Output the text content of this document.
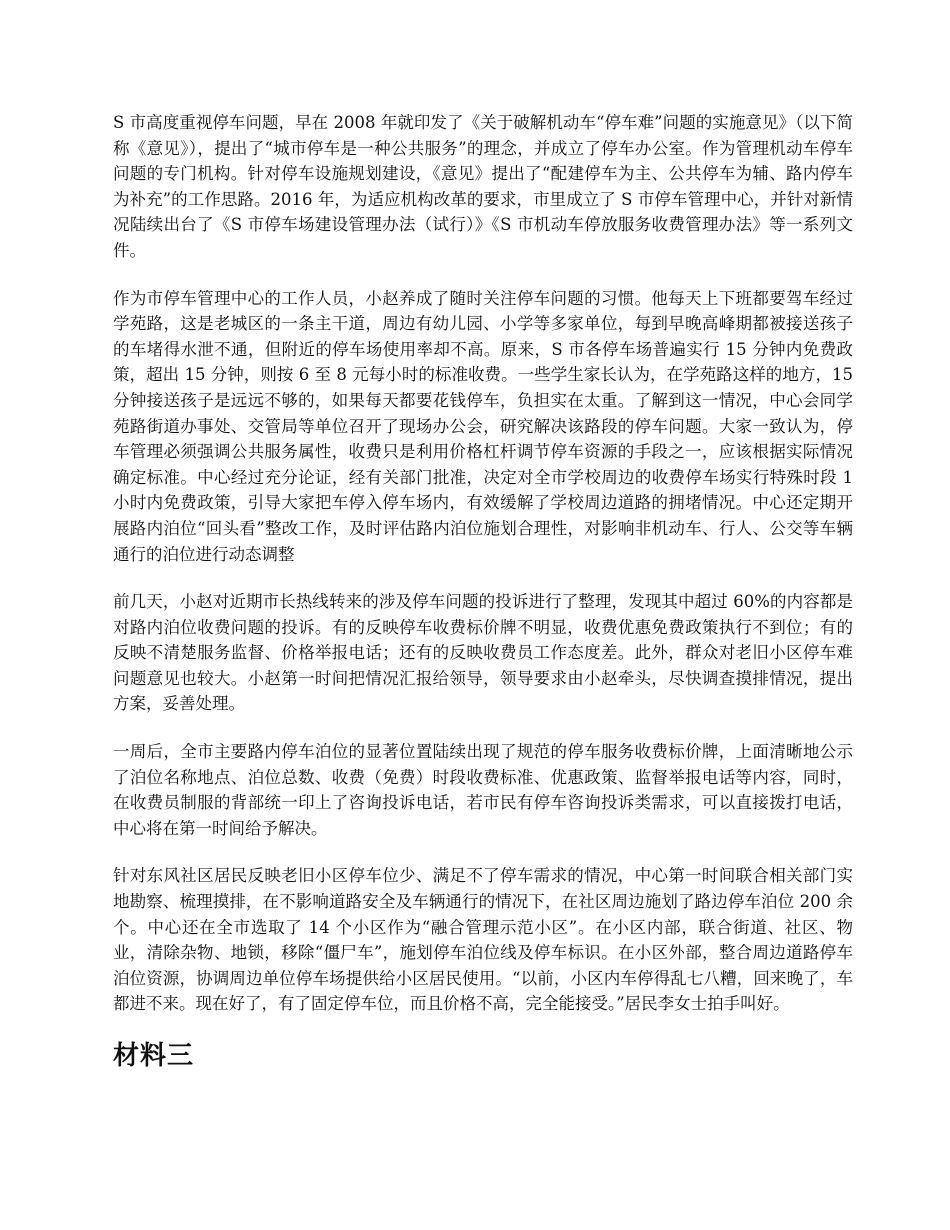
S 市高度重视停车问题，早在 2008 年就印发了《关于破解机动车“停车难”问题的实施意见》（以下简称《意见》），提出了“城市停车是一种公共服务”的理念，并成立了停车办公室。作为管理机动车停车问题的专门机构。针对停车设施规划建设，《意见》提出了“配建停车为主、公共停车为辅、路内停车为补充”的工作思路。2016 年，为适应机构改革的要求，市里成立了 S 市停车管理中心，并针对新情况陆续出台了《S 市停车场建设管理办法（试行）》《S 市机动车停放服务收费管理办法》等一系列文件。

作为市停车管理中心的工作人员，小赵养成了随时关注停车问题的习惯。他每天上下班都要驾车经过学苑路，这是老城区的一条主干道，周边有幼儿园、小学等多家单位，每到早晚高峰期都被接送孩子的车堵得水泄不通，但附近的停车场使用率却不高。原来，S 市各停车场普遍实行 15 分钟内免费政策，超出 15 分钟，则按 6 至 8 元每小时的标准收费。一些学生家长认为，在学苑路这样的地方，15 分钟接送孩子是远远不够的，如果每天都要花钱停车，负担实在太重。了解到这一情况，中心会同学苑路街道办事处、交管局等单位召开了现场办公会，研究解决该路段的停车问题。大家一致认为，停车管理必须强调公共服务属性，收费只是利用价格杠杆调节停车资源的手段之一，应该根据实际情况确定标准。中心经过充分论证，经有关部门批准，决定对全市学校周边的收费停车场实行特殊时段 1 小时内免费政策，引导大家把车停入停车场内，有效缓解了学校周边道路的拥堵情况。中心还定期开展路内泊位“回头看”整改工作，及时评估路内泊位施划合理性，对影响非机动车、行人、公交等车辆通行的泊位进行动态调整

前几天，小赵对近期市长热线转来的涉及停车问题的投诉进行了整理，发现其中超过 60%的内容都是对路内泊位收费问题的投诉。有的反映停车收费标价牌不明显，收费优惠免费政策执行不到位；有的反映不清楚服务监督、价格举报电话；还有的反映收费员工作态度差。此外，群众对老旧小区停车难问题意见也较大。小赵第一时间把情况汇报给领导，领导要求由小赵牵头，尽快调查摸排情况，提出方案，妥善处理。

一周后，全市主要路内停车泊位的显著位置陆续出现了规范的停车服务收费标价牌，上面清晰地公示了泊位名称地点、泊位总数、收费（免费）时段收费标准、优惠政策、监督举报电话等内容，同时，在收费员制服的背部统一印上了咨询投诉电话，若市民有停车咨询投诉类需求，可以直接拨打电话，中心将在第一时间给予解决。

针对东风社区居民反映老旧小区停车位少、满足不了停车需求的情况，中心第一时间联合相关部门实地勘察、梳理摸排，在不影响道路安全及车辆通行的情况下，在社区周边施划了路边停车泊位 200 余个。中心还在全市选取了 14 个小区作为“融合管理示范小区”。在小区内部，联合街道、社区、物业，清除杂物、地锁，移除“僵尸车”，施划停车泊位线及停车标识。在小区外部，整合周边道路停车泊位资源，协调周边单位停车场提供给小区居民使用。“以前，小区内车停得乱七八糟，回来晚了，车都进不来。现在好了，有了固定停车位，而且价格不高，完全能接受。”居民李女士拍手叫好。

材料三
